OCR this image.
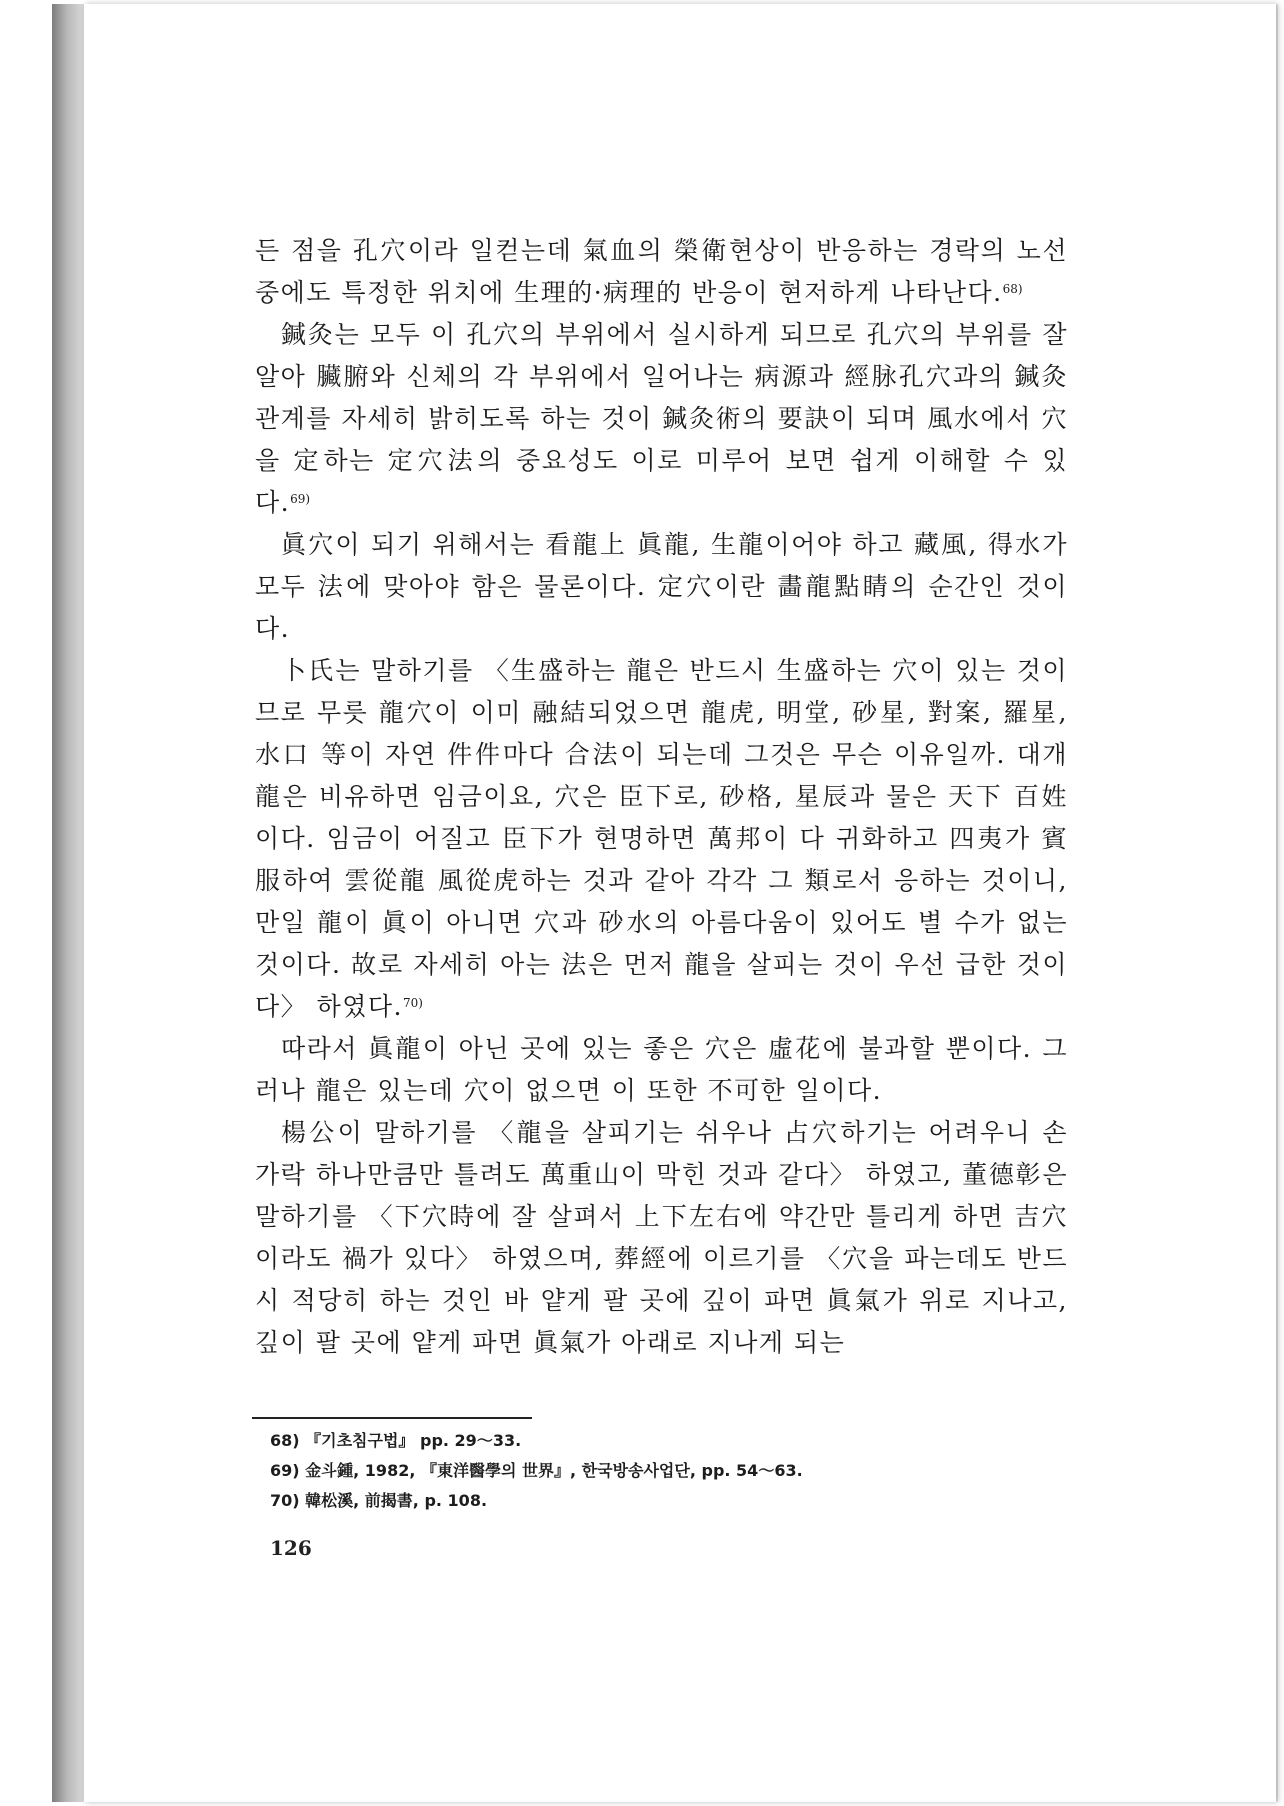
든 점을 孔穴이라 일컫는데 氣血의 榮衛현상이 반응하는 경락의 노선 중에도 특정한 위치에 生理的·病理的 반응이 현저하게 나타난다.$^{68)}$

鍼灸는 모두 이 孔穴의 부위에서 실시하게 되므로 孔穴의 부위를 잘 알아 臟腑와 신체의 각 부위에서 일어나는 病源과 經脉孔穴과의 鍼灸관계를 자세히 밝히도록 하는 것이 鍼灸術의 要訣이 되며 風水에서 穴을 定하는 定穴法의 중요성도 이로 미루어 보면 쉽게 이해할 수 있다.$^{69)}$

眞穴이 되기 위해서는 看龍上 眞龍, 生龍이어야 하고 藏風, 得水가 모두 法에 맞아야 함은 물론이다. 定穴이란 畵龍點睛의 순간인 것이다.

卜氏는 말하기를 〈生盛하는 龍은 반드시 生盛하는 穴이 있는 것이므로 무릇 龍穴이 이미 融結되었으면 龍虎, 明堂, 砂星, 對案, 羅星, 水口 等이 자연 件件마다 合法이 되는데 그것은 무슨 이유일까. 대개 龍은 비유하면 임금이요, 穴은 臣下로, 砂格, 星辰과 물은 天下 百姓이다. 임금이 어질고 臣下가 현명하면 萬邦이 다 귀화하고 四夷가 賓服하여 雲從龍 風從虎하는 것과 같아 각각 그 類로서 응하는 것이니, 만일 龍이 眞이 아니면 穴과 砂水의 아름다움이 있어도 별 수가 없는 것이다. 故로 자세히 아는 法은 먼저 龍을 살피는 것이 우선 급한 것이다〉 하였다.$^{70)}$

따라서 眞龍이 아닌 곳에 있는 좋은 穴은 虛花에 불과할 뿐이다. 그러나 龍은 있는데 穴이 없으면 이 또한 不可한 일이다.

楊公이 말하기를 〈龍을 살피기는 쉬우나 占穴하기는 어려우니 손가락 하나만큼만 틀려도 萬重山이 막힌 것과 같다〉 하였고, 董德彰은 말하기를 〈下穴時에 잘 살펴서 上下左右에 약간만 틀리게 하면 吉穴이라도 禍가 있다〉 하였으며, 葬經에 이르기를 〈穴을 파는데도 반드시 적당히 하는 것인 바 얕게 팔 곳에 깊이 파면 眞氣가 위로 지나고, 깊이 팔 곳에 얕게 파면 眞氣가 아래로 지나게 되는

68) 『기초침구법』 pp. 29～33.
69) 金斗鍾, 1982, 『東洋醫學의 世界』, 한국방송사업단, pp. 54～63.
70) 韓松溪, 前揭書, p. 108.
126
